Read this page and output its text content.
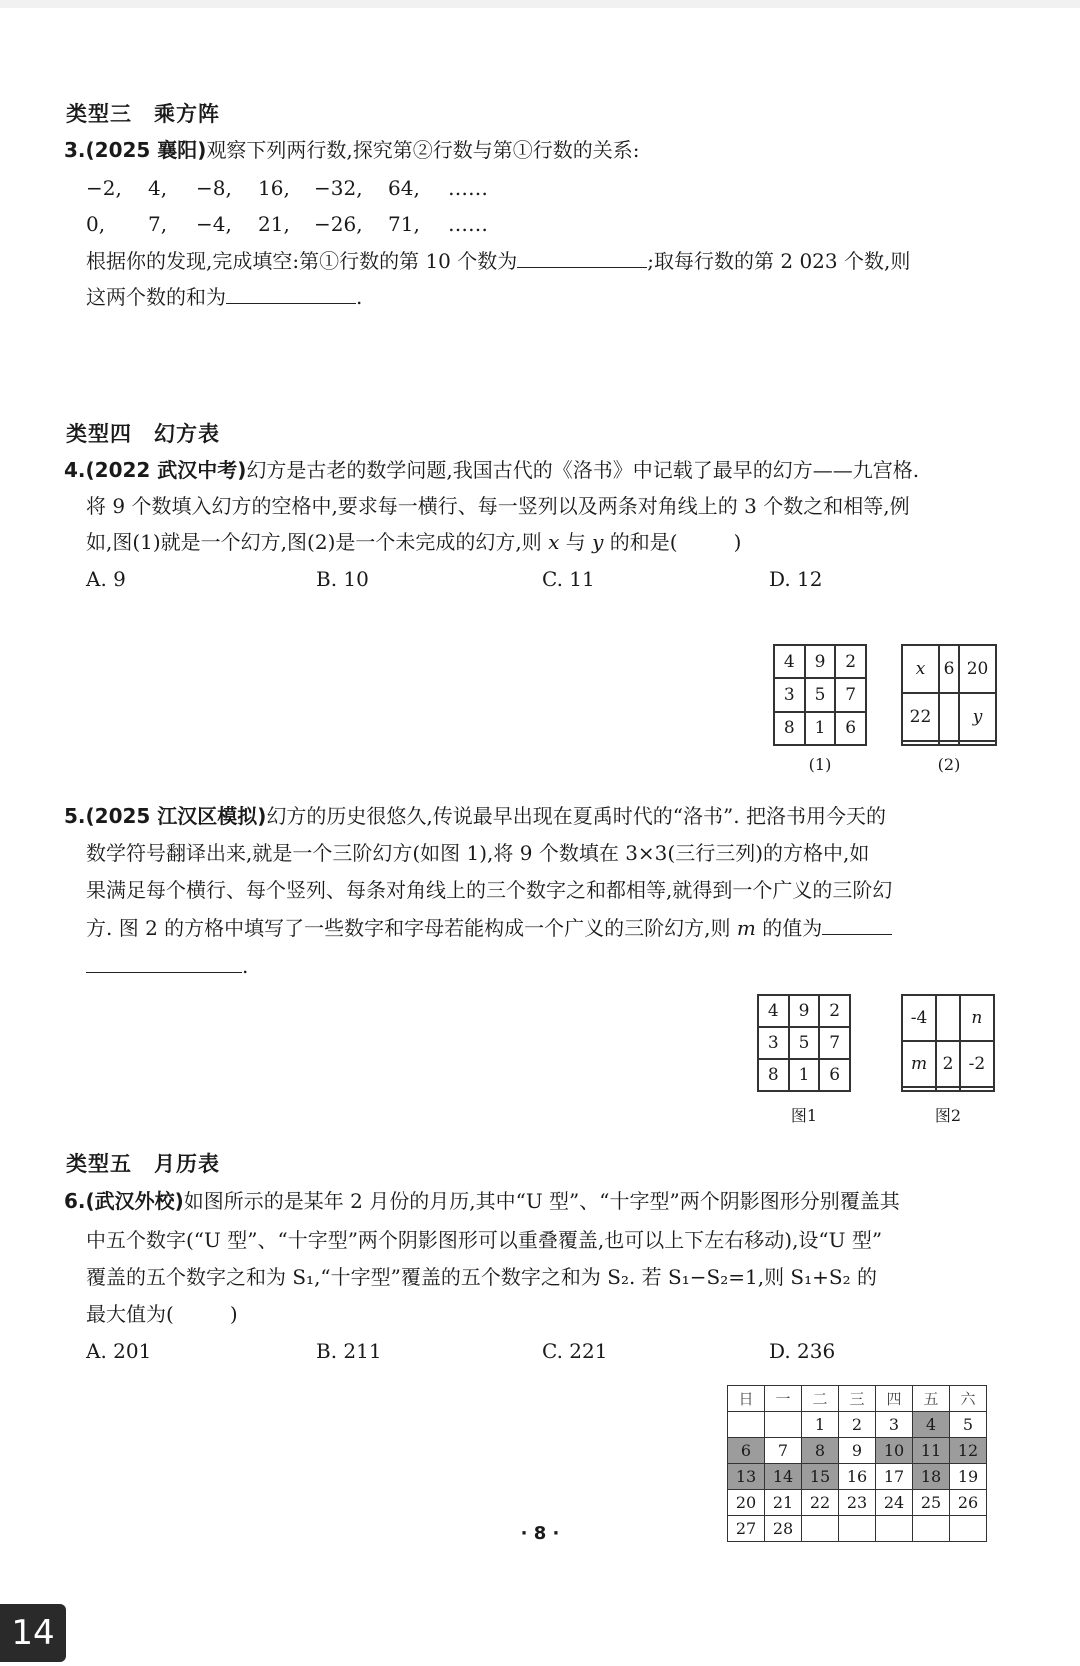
类型三 乘方阵
3.(2025 襄阳)观察下列两行数,探究第②行数与第①行数的关系:
−2, 4, −8, 16, −32, 64, ……
0, 7, −4, 21, −26, 71, ……
根据你的发现,完成填空:第①行数的第 10 个数为	;取每行数的第 2 023 个数,则
这两个数的和为	.
类型四 幻方表
4.(2022 武汉中考)幻方是古老的数学问题,我国古代的《洛书》中记载了最早的幻方——九宫格.
将 9 个数填入幻方的空格中,要求每一横行、每一竖列以及两条对角线上的 3 个数之和相等,例
如,图(1)就是一个幻方,图(2)是一个未完成的幻方,则 x 与 y 的和是(	)
A. 9	B. 10	C. 11	D. 12
4	9	2
3	5	7
8	1	6
x	6	20
22		y

(1)	(2)
5.(2025 江汉区模拟)幻方的历史很悠久,传说最早出现在夏禹时代的“洛书”. 把洛书用今天的
数学符号翻译出来,就是一个三阶幻方(如图 1),将 9 个数填在 3×3(三行三列)的方格中,如
果满足每个横行、每个竖列、每条对角线上的三个数字之和都相等,就得到一个广义的三阶幻
方. 图 2 的方格中填写了一些数字和字母若能构成一个广义的三阶幻方,则 m 的值为
.
4	9	2
3	5	7
8	1	6
-4		n
m	2	-2

图1	图2
类型五 月历表
6.(武汉外校)如图所示的是某年 2 月份的月历,其中“U 型”、“十字型”两个阴影图形分别覆盖其
中五个数字(“U 型”、“十字型”两个阴影图形可以重叠覆盖,也可以上下左右移动),设“U 型”
覆盖的五个数字之和为 S₁,“十字型”覆盖的五个数字之和为 S₂. 若 S₁−S₂=1,则 S₁+S₂ 的
最大值为(	)
A. 201	B. 211	C. 221	D. 236
日	一	二	三	四	五	六
		1	2	3	4	5
6	7	8	9	10	11	12
13	14	15	16	17	18	19
20	21	22	23	24	25	26
27	28					
· 8 ·
14
